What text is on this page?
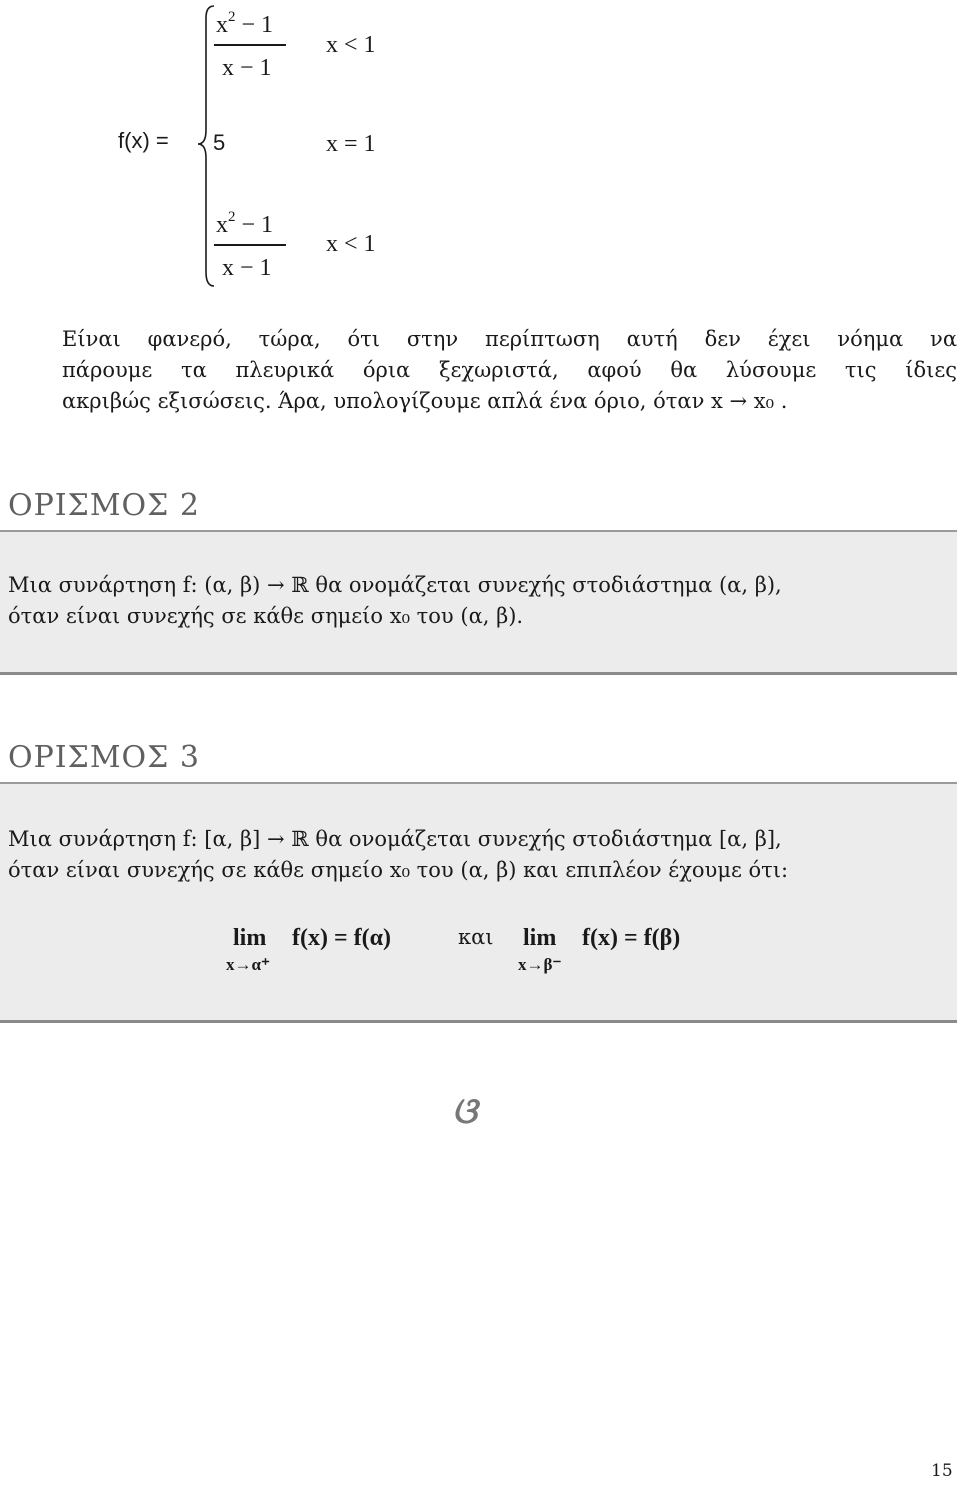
f(x) =
$x^2 - 1$
x − 1
x < 1
5	x = 1
$x^2 - 1$
x − 1
x < 1
Είναι φανερό, τώρα, ότι στην περίπτωση αυτή δεν έχει νόημα να
πάρουμε τα πλευρικά όρια ξεχωριστά, αφού θα λύσουμε τις ίδιες
ακριβώς εξισώσεις. Άρα, υπολογίζουμε απλά ένα όριο, όταν x → x₀ .
ΟΡΙΣΜΟΣ 2
Μια συνάρτηση f: (α, β) → ℝ θα ονομάζεται συνεχής στοδιάστημα (α, β),
όταν είναι συνεχής σε κάθε σημείο x₀ του (α, β).
ΟΡΙΣΜΟΣ 3
Μια συνάρτηση f: [α, β] → ℝ θα ονομάζεται συνεχής στοδιάστημα [α, β],
όταν είναι συνεχής σε κάθε σημείο x₀ του (α, β) και επιπλέον έχουμε ότι:
lim f(x) = f(α)
x→α⁺
και lim f(x) = f(β)
x→β⁻
ଓ
15
